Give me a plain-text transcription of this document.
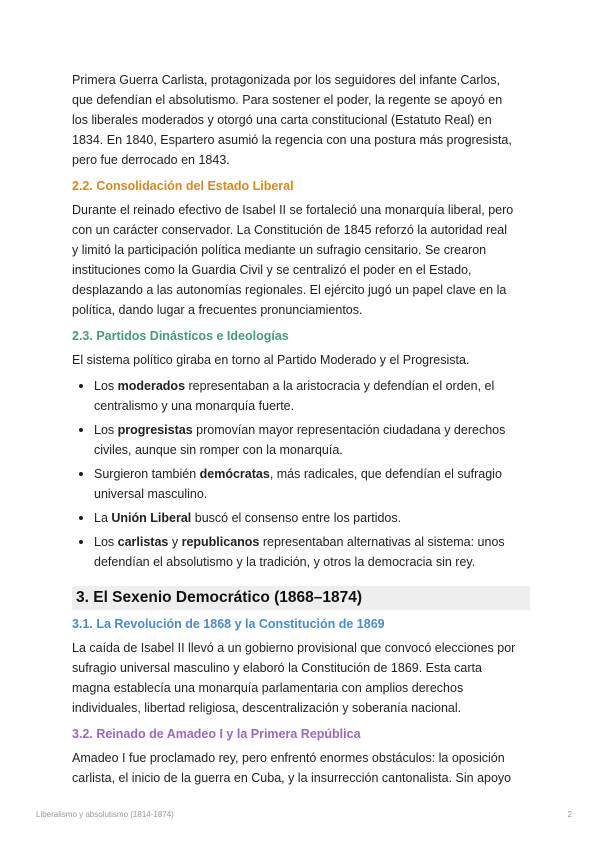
Primera Guerra Carlista, protagonizada por los seguidores del infante Carlos,
que defendían el absolutismo. Para sostener el poder, la regente se apoyó en
los liberales moderados y otorgó una carta constitucional (Estatuto Real) en
1834. En 1840, Espartero asumió la regencia con una postura más progresista,
pero fue derrocado en 1843.

2.2. Consolidación del Estado Liberal

Durante el reinado efectivo de Isabel II se fortaleció una monarquía liberal, pero
con un carácter conservador. La Constitución de 1845 reforzó la autoridad real
y limitó la participación política mediante un sufragio censitario. Se crearon
instituciones como la Guardia Civil y se centralizó el poder en el Estado,
desplazando a las autonomías regionales. El ejército jugó un papel clave en la
política, dando lugar a frecuentes pronunciamientos.

2.3. Partidos Dinásticos e Ideologías

El sistema político giraba en torno al Partido Moderado y el Progresista.

Los moderados representaban a la aristocracia y defendían el orden, el
centralismo y una monarquía fuerte.
Los progresistas promovían mayor representación ciudadana y derechos
civiles, aunque sin romper con la monarquía.
Surgieron también demócratas, más radicales, que defendían el sufragio
universal masculino.
La Unión Liberal buscó el consenso entre los partidos.
Los carlistas y republicanos representaban alternativas al sistema: unos
defendían el absolutismo y la tradición, y otros la democracia sin rey.
3. El Sexenio Democrático (1868–1874)
3.1. La Revolución de 1868 y la Constitución de 1869

La caída de Isabel II llevó a un gobierno provisional que convocó elecciones por
sufragio universal masculino y elaboró la Constitución de 1869. Esta carta
magna establecía una monarquía parlamentaria con amplios derechos
individuales, libertad religiosa, descentralización y soberanía nacional.

3.2. Reinado de Amadeo I y la Primera República

Amadeo I fue proclamado rey, pero enfrentó enormes obstáculos: la oposición
carlista, el inicio de la guerra en Cuba, y la insurrección cantonalista. Sin apoyo

Liberalismo y absolutismo (1814-1874)	2
